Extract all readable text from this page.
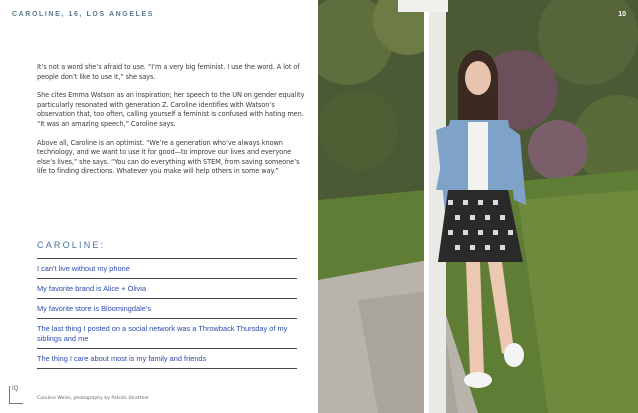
CAROLINE, 16, LOS ANGELES

It’s not a word she’s afraid to use. “I’m a very big feminist. I use the word. A lot of people don’t like to use it,” she says.

She cites Emma Watson as an inspiration; her speech to the UN on gender equality particularly resonated with generation Z. Caroline identifies with Watson’s observation that, too often, calling yourself a feminist is confused with hating men. “It was an amazing speech,” Caroline says.

Above all, Caroline is an optimist. “We’re a generation who’ve always known technology, and we want to use it for good—to improve our lives and everyone else’s lives,” she says. “You can do everything with STEM, from saving someone’s life to finding directions. Whatever you make will help others in some way.”

CAROLINE:
I can’t live without my phone
My favorite brand is Alice + Olivia
My favorite store is Bloomingdale’s
The last thing I posted on a social network was a Throwback Thursday of my siblings and me
The thing I care about most is my family and friends
IQ
Caroline Weiss, photography by Patrick Strattner
10
